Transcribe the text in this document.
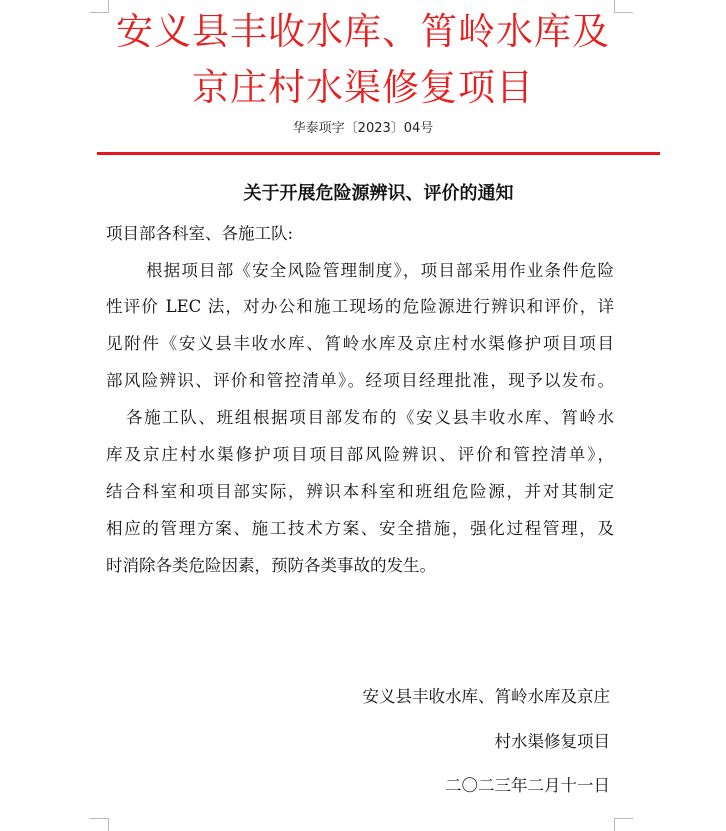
安义县丰收水库、筲岭水库及
京庄村水渠修复项目
华泰项字〔2023〕04号
关于开展危险源辨识、评价的通知
项目部各科室、各施工队:
根据项目部《安全风险管理制度》，项目部采用作业条件危险
性评价 LEC 法，对办公和施工现场的危险源进行辨识和评价，详
见附件《安义县丰收水库、筲岭水库及京庄村水渠修护项目项目
部风险辨识、评价和管控清单》。经项目经理批准，现予以发布。
各施工队、班组根据项目部发布的《安义县丰收水库、筲岭水
库及京庄村水渠修护项目项目部风险辨识、评价和管控清单》，
结合科室和项目部实际，辨识本科室和班组危险源，并对其制定
相应的管理方案、施工技术方案、安全措施，强化过程管理，及
时消除各类危险因素，预防各类事故的发生。
安义县丰收水库、筲岭水库及京庄
村水渠修复项目
二〇二三年二月十一日
